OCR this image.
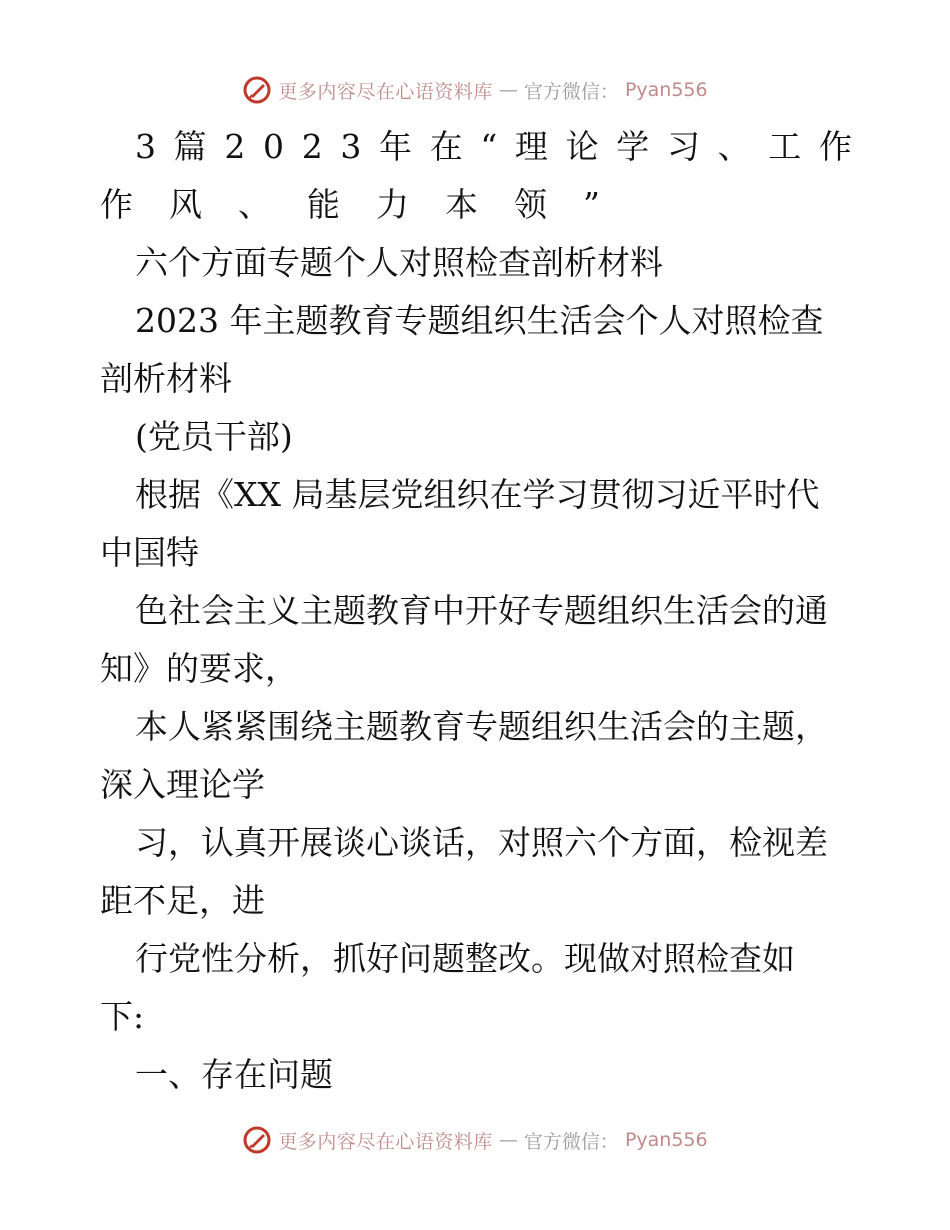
更多内容尽在心语资料库 — 官方微信： Pyan556
3 篇 2 0 2 3 年 在 “ 理 论 学 习 、 工 作
作 风 、 能 力 本 领 ”
六个方面专题个人对照检查剖析材料
2023 年主题教育专题组织生活会个人对照检查
剖析材料
(党员干部)
根据《XX 局基层党组织在学习贯彻习近平时代
中国特
色社会主义主题教育中开好专题组织生活会的通
知》的要求，
本人紧紧围绕主题教育专题组织生活会的主题，
深入理论学
习，认真开展谈心谈话，对照六个方面，检视差
距不足，进
行党性分析，抓好问题整改。现做对照检查如
下:
一、存在问题
更多内容尽在心语资料库 — 官方微信： Pyan556
